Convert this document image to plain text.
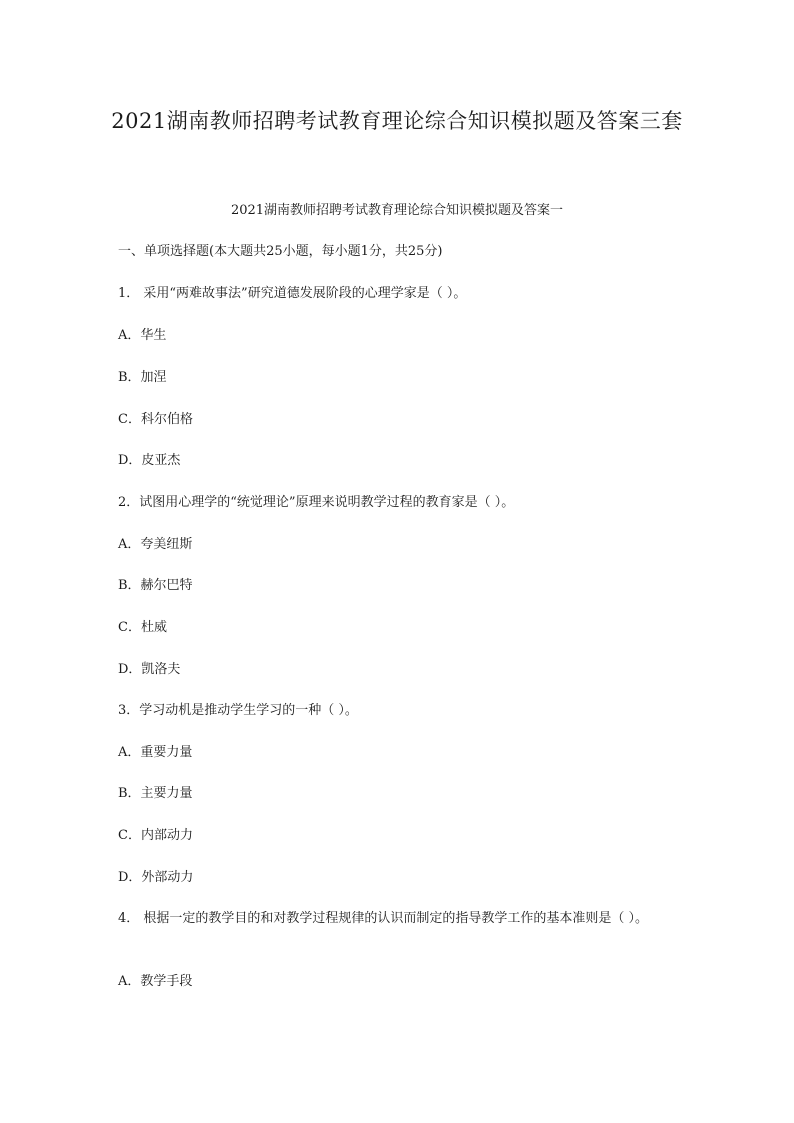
2021湖南教师招聘考试教育理论综合知识模拟题及答案三套
2021湖南教师招聘考试教育理论综合知识模拟题及答案一
一、单项选择题(本大题共25小题，每小题1分，共25分)
1． 采用“两难故事法”研究道德发展阶段的心理学家是（ ）。
A．华生
B．加涅
C．科尔伯格
D．皮亚杰
2．试图用心理学的“统觉理论”原理来说明教学过程的教育家是（ ）。
A．夸美纽斯
B．赫尔巴特
C．杜威
D．凯洛夫
3．学习动机是推动学生学习的一种（ ）。
A．重要力量
B．主要力量
C．内部动力
D．外部动力
4． 根据一定的教学目的和对教学过程规律的认识而制定的指导教学工作的基本准则是（ ）。
A．教学手段
